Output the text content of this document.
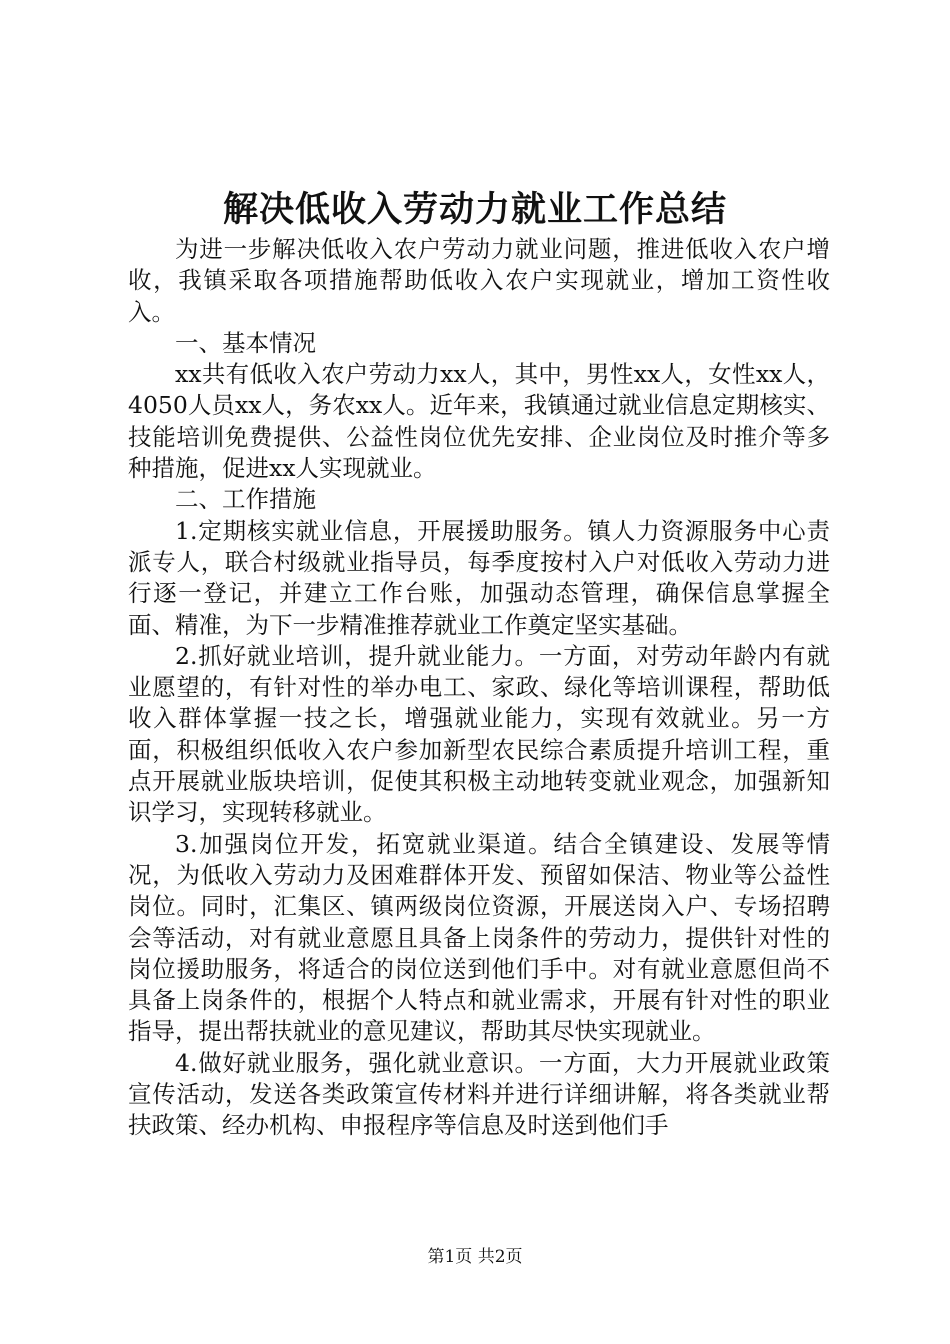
解决低收入劳动力就业工作总结

为进一步解决低收入农户劳动力就业问题，推进低收入农户增收，我镇采取各项措施帮助低收入农户实现就业，增加工资性收入。

一、基本情况

xx共有低收入农户劳动力xx人，其中，男性xx人，女性xx人，4050人员xx人，务农xx人。近年来，我镇通过就业信息定期核实、技能培训免费提供、公益性岗位优先安排、企业岗位及时推介等多种措施，促进xx人实现就业。

二、工作措施

1.定期核实就业信息，开展援助服务。镇人力资源服务中心责派专人，联合村级就业指导员，每季度按村入户对低收入劳动力进行逐一登记，并建立工作台账，加强动态管理，确保信息掌握全面、精准，为下一步精准推荐就业工作奠定坚实基础。

2.抓好就业培训，提升就业能力。一方面，对劳动年龄内有就业愿望的，有针对性的举办电工、家政、绿化等培训课程，帮助低收入群体掌握一技之长，增强就业能力，实现有效就业。另一方面，积极组织低收入农户参加新型农民综合素质提升培训工程，重点开展就业版块培训，促使其积极主动地转变就业观念，加强新知识学习，实现转移就业。

3.加强岗位开发，拓宽就业渠道。结合全镇建设、发展等情况，为低收入劳动力及困难群体开发、预留如保洁、物业等公益性岗位。同时，汇集区、镇两级岗位资源，开展送岗入户、专场招聘会等活动，对有就业意愿且具备上岗条件的劳动力，提供针对性的岗位援助服务，将适合的岗位送到他们手中。对有就业意愿但尚不具备上岗条件的，根据个人特点和就业需求，开展有针对性的职业指导，提出帮扶就业的意见建议，帮助其尽快实现就业。

4.做好就业服务，强化就业意识。一方面，大力开展就业政策宣传活动，发送各类政策宣传材料并进行详细讲解，将各类就业帮扶政策、经办机构、申报程序等信息及时送到他们手

第1页 共2页
